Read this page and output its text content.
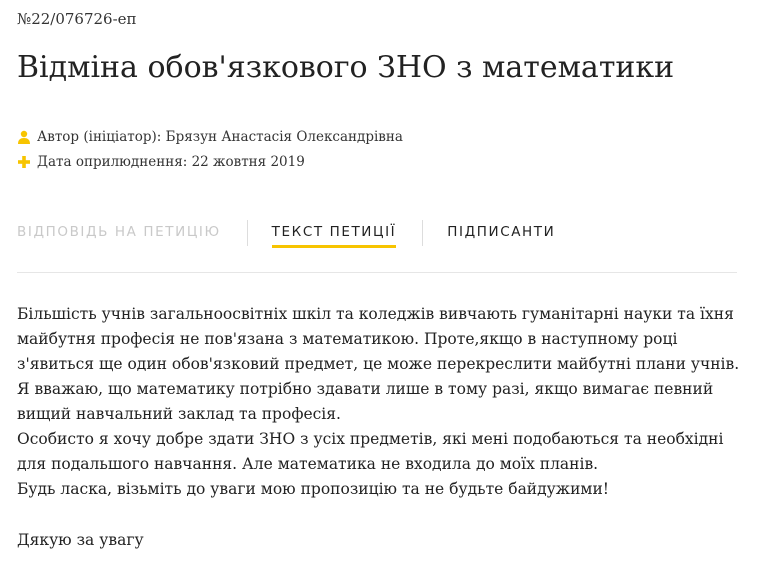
№22/076726-еп
Відміна обов'язкового ЗНО з математики
Автор (ініціатор): Брязун Анастасія Олександрівна
Дата оприлюднення: 22 жовтня 2019
ВІДПОВІДЬ НА ПЕТИЦІЮ	ТЕКСТ ПЕТИЦІЇ	ПІДПИСАНТИ
Більшість учнів загальноосвітніх шкіл та коледжів вивчають гуманітарні науки та їхня майбутня професія не пов'язана з математикою. Проте,якщо в наступному році з'явиться ще один обов'язковий предмет, це може перекреслити майбутні плани учнів. Я вважаю, що математику потрібно здавати лише в тому разі, якщо вимагає певний вищий навчальний заклад та професія.
Особисто я хочу добре здати ЗНО з усіх предметів, які мені подобаються та необхідні для подальшого навчання. Але математика не входила до моїх планів.
Будь ласка, візьміть до уваги мою пропозицію та не будьте байдужими!
Дякую за увагу
